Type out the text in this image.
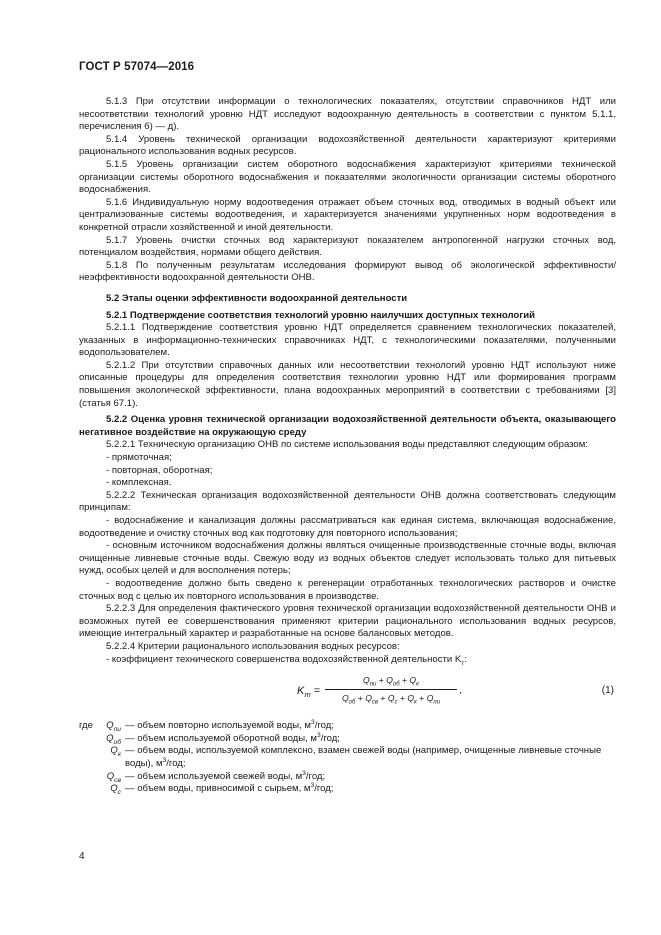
ГОСТ Р 57074—2016

5.1.3 При отсутствии информации о технологических показателях, отсутствии справочников НДТ или несоответствии технологий уровню НДТ исследуют водоохранную деятельность в соответствии с пунктом 5.1.1, перечисления б) — д).

5.1.4 Уровень технической организации водохозяйственной деятельности характеризуют критериями рационального использования водных ресурсов.

5.1.5 Уровень организации систем оборотного водоснабжения характеризуют критериями технической организации системы оборотного водоснабжения и показателями экологичности организации системы оборотного водоснабжения.

5.1.6 Индивидуальную норму водоотведения отражает объем сточных вод, отводимых в водный объект или централизованные системы водоотведения, и характеризуется значениями укрупненных норм водоотведения в конкретной отрасли хозяйственной и иной деятельности.

5.1.7 Уровень очистки сточных вод характеризуют показателем антропогенной нагрузки сточных вод, потенциалом воздействия, нормами общего действия.

5.1.8 По полученным результатам исследования формируют вывод об экологической эффективности/неэффективности водоохранной деятельности ОНВ.

5.2 Этапы оценки эффективности водоохранной деятельности

5.2.1 Подтверждение соответствия технологий уровню наилучших доступных технологий

5.2.1.1 Подтверждение соответствия уровню НДТ определяется сравнением технологических показателей, указанных в информационно-технических справочниках НДТ, с технологическими показателями, полученными водопользователем.

5.2.1.2 При отсутствии справочных данных или несоответствии технологий уровню НДТ используют ниже описанные процедуры для определения соответствия технологии уровню НДТ или формирования программ повышения экологической эффективности, плана водоохранных мероприятий в соответствии с требованиями [3] (статья 67.1).

5.2.2 Оценка уровня технической организации водохозяйственной деятельности объекта, оказывающего негативное воздействие на окружающую среду

5.2.2.1 Техническую организацию ОНВ по системе использования воды представляют следующим образом:

- прямоточная;

- повторная, оборотная;

- комплексная.

5.2.2.2 Техническая организация водохозяйственной деятельности ОНВ должна соответствовать следующим принципам:

- водоснабжение и канализация должны рассматриваться как единая система, включающая водоснабжение, водоотведение и очистку сточных вод как подготовку для повторного использования;

- основным источником водоснабжения должны являться очищенные производственные сточные воды, включая очищенные ливневые сточные воды. Свежую воду из водных объектов следует использовать только для питьевых нужд, особых целей и для восполнения потерь;

- водоотведение должно быть сведено к регенерации отработанных технологических растворов и очистке сточных вод с целью их повторного использования в производстве.

5.2.2.3 Для определения фактического уровня технической организации водохозяйственной деятельности ОНВ и возможных путей ее совершенствования применяют критерии рационального использования водных ресурсов, имеющие интегральный характер и разработанные на основе балансовых методов.

5.2.2.4 Критерии рационального использования водных ресурсов:

- коэффициент технического совершенства водохозяйственной деятельности $K_т$:

$K_т$ =
$Q_{пи} + Q_{об} + Q_к$
$Q_{об} + Q_{св} + Q_с + Q_к + Q_{пи}$
,	(1)
где	$Q_{пи}$ — объем повторно используемой воды, $м^3$/год;
$Q_{об}$ — объем используемой оборотной воды, $м^3$/год;
$Q_к$ — объем воды, используемой комплексно, взамен свежей воды (например, очищенные ливневые сточные воды), $м^3$/год;
$Q_{св}$ — объем используемой свежей воды, $м^3$/год;
$Q_с$ — объем воды, привносимой с сырьем, $м^3$/год;
4
